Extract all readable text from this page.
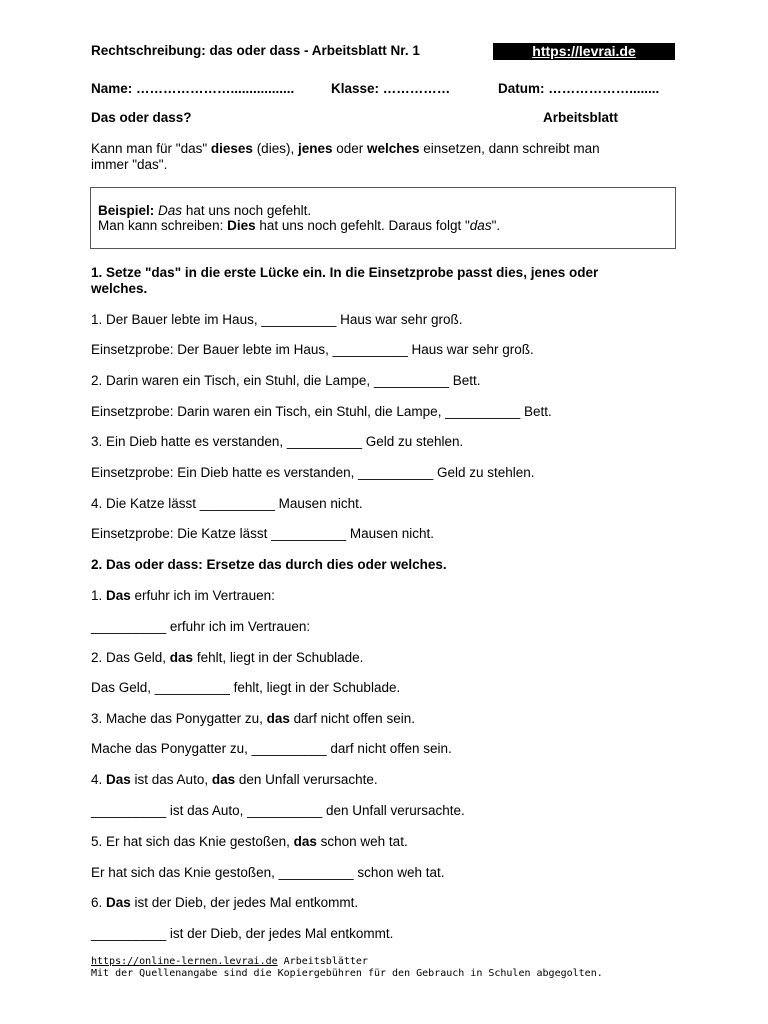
Rechtschreibung: das oder dass - Arbeitsblatt Nr. 1	https://levrai.de
Name: ………………….................	Klasse: ……………	Datum: ………………........
Das oder dass?	Arbeitsblatt
Kann man für "das" dieses (dies), jenes oder welches einsetzen, dann schreibt man
immer "das".
Beispiel: Das hat uns noch gefehlt.
Man kann schreiben: Dies hat uns noch gefehlt. Daraus folgt "das".
1. Setze "das" in die erste Lücke ein. In die Einsetzprobe passt dies, jenes oder
welches.
1. Der Bauer lebte im Haus, __________ Haus war sehr groß.
Einsetzprobe: Der Bauer lebte im Haus, __________ Haus war sehr groß.
2. Darin waren ein Tisch, ein Stuhl, die Lampe, __________ Bett.
Einsetzprobe: Darin waren ein Tisch, ein Stuhl, die Lampe, __________ Bett.
3. Ein Dieb hatte es verstanden, __________ Geld zu stehlen.
Einsetzprobe: Ein Dieb hatte es verstanden, __________ Geld zu stehlen.
4. Die Katze lässt __________ Mausen nicht.
Einsetzprobe: Die Katze lässt __________ Mausen nicht.
2. Das oder dass: Ersetze das durch dies oder welches.
1. Das erfuhr ich im Vertrauen:
__________ erfuhr ich im Vertrauen:
2. Das Geld, das fehlt, liegt in der Schublade.
Das Geld, __________ fehlt, liegt in der Schublade.
3. Mache das Ponygatter zu, das darf nicht offen sein.
Mache das Ponygatter zu, __________ darf nicht offen sein.
4. Das ist das Auto, das den Unfall verursachte.
__________ ist das Auto, __________ den Unfall verursachte.
5. Er hat sich das Knie gestoßen, das schon weh tat.
Er hat sich das Knie gestoßen, __________ schon weh tat.
6. Das ist der Dieb, der jedes Mal entkommt.
__________ ist der Dieb, der jedes Mal entkommt.
https://online-lernen.levrai.de Arbeitsblätter
Mit der Quellenangabe sind die Kopiergebühren für den Gebrauch in Schulen abgegolten.
